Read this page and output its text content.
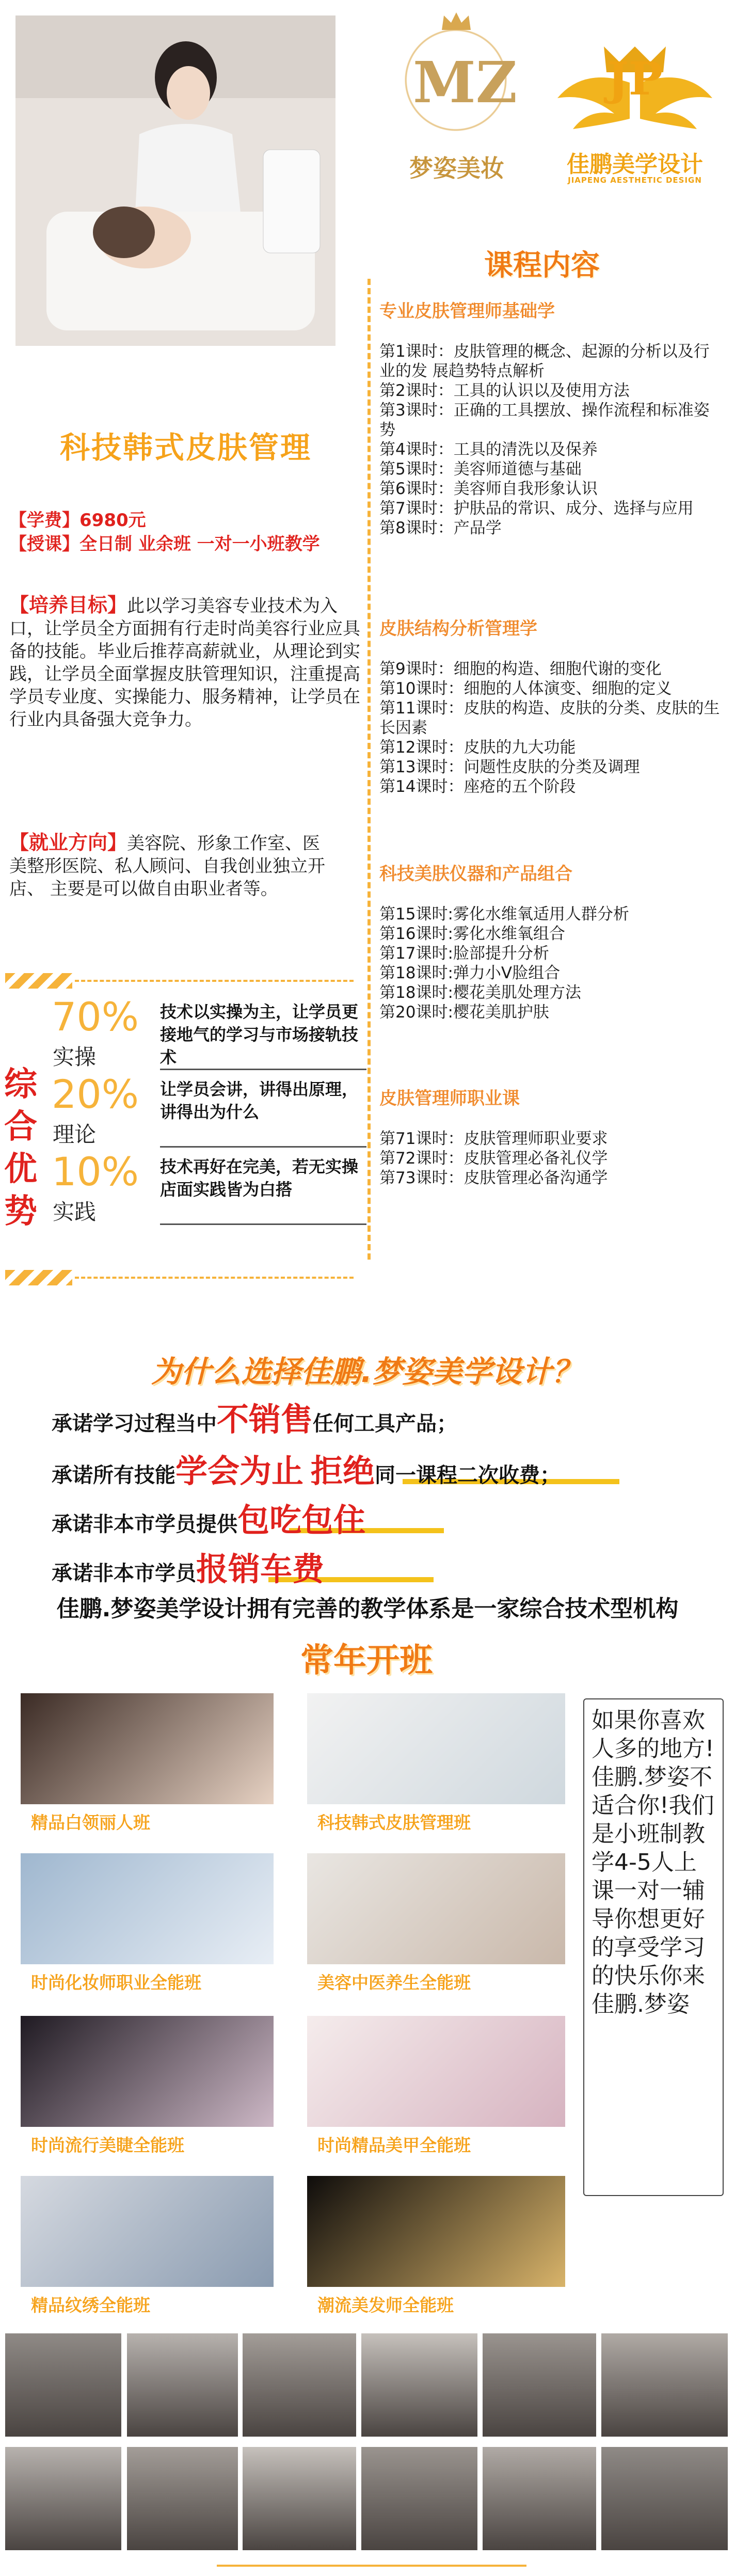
MZ
梦姿美妆
JP
佳鹏美学设计
JIAPENG AESTHETIC DESIGN
课程内容
科技韩式皮肤管理
【学费】6980元
【授课】全日制 业余班 一对一小班教学
【培养目标】此以学习美容专业技术为入口，让学员全方面拥有行走时尚美容行业应具备的技能。毕业后推荐高薪就业，从理论到实践，让学员全面掌握皮肤管理知识，注重提高学员专业度、实操能力、服务精神，让学员在行业内具备强大竞争力。
【就业方向】美容院、形象工作室、医美整形医院、私人顾问、自我创业独立开店、 主要是可以做自由职业者等。
专业皮肤管理师基础学
第1课时：皮肤管理的概念、起源的分析以及行业的发 展趋势特点解析
第2课时：工具的认识以及使用方法
第3课时：正确的工具摆放、操作流程和标准姿势
第4课时：工具的清洗以及保养
第5课时：美容师道德与基础
第6课时：美容师自我形象认识
第7课时：护肤品的常识、成分、选择与应用
第8课时：产品学
皮肤结构分析管理学
第9课时：细胞的构造、细胞代谢的变化
第10课时：细胞的人体演变、细胞的定义
第11课时：皮肤的构造、皮肤的分类、皮肤的生长因素
第12课时：皮肤的九大功能
第13课时：问题性皮肤的分类及调理
第14课时：座疮的五个阶段
科技美肤仪器和产品组合
第15课时:雾化水维氧适用人群分析
第16课时:雾化水维氧组合
第17课时:脸部提升分析
第18课时:弹力小V脸组合
第18课时:樱花美肌处理方法
第20课时:樱花美肌护肤
皮肤管理师职业课
第71课时：皮肤管理师职业要求
第72课时：皮肤管理必备礼仪学
第73课时：皮肤管理必备沟通学
综合优势
70%
实操
技术以实操为主，让学员更接地气的学习与市场接轨技术
20%
理论
让学员会讲，讲得出原理，讲得出为什么
10%
实践
技术再好在完美，若无实操店面实践皆为白搭
为什么选择佳鹏.梦姿美学设计？
承诺学习过程当中不销售任何工具产品；
承诺所有技能学会为止 拒绝同一课程二次收费；
承诺非本市学员提供包吃包住
承诺非本市学员报销车费
佳鹏.梦姿美学设计拥有完善的教学体系是一家综合技术型机构
常年开班
精品白领丽人班	科技韩式皮肤管理班
时尚化妆师职业全能班	美容中医养生全能班
时尚流行美睫全能班	时尚精品美甲全能班
精品纹绣全能班	潮流美发师全能班
如果你喜欢人多的地方!佳鹏.梦姿不适合你!我们是小班制教学4-5人上课一对一辅导你想更好的享受学习的快乐你来佳鹏.梦姿
